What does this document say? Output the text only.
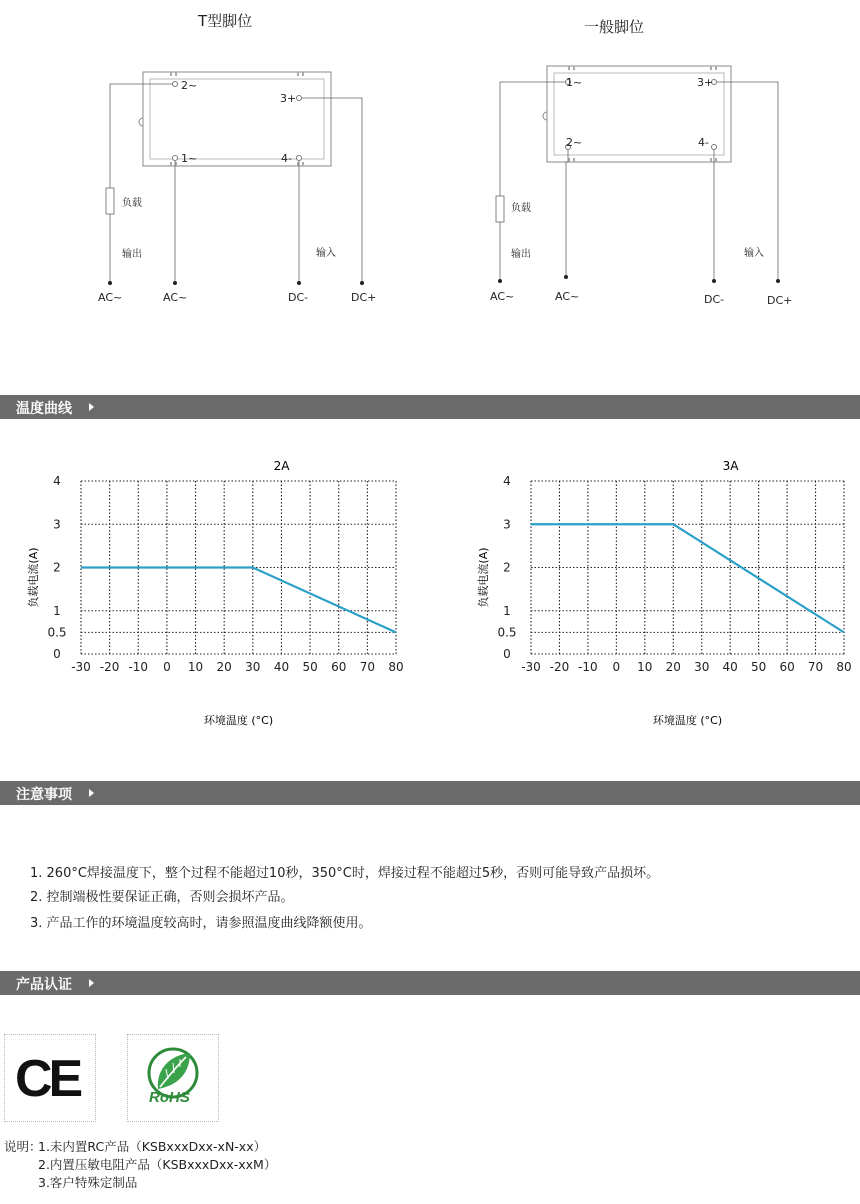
T型脚位
2~
1~
3+
4-
负载
输出	输入
AC~	AC~	DC-	DC+
一般脚位
1~
2~
3+
4-
负载
输出	输入
AC~	AC~	DC-	DC+
温度曲线
2A
-30 -20 -10 0 10 20 30 40 50 60 70 80
0
0.5
1
2
3
4
环境温度 (°C)
负载电流(A)
3A
-30 -20 -10 0 10 20 30 40 50 60 70 80
0
0.5
1
2
3
4
环境温度 (°C)
负载电流(A)
注意事项
1. 260°C焊接温度下，整个过程不能超过10秒，350°C时，焊接过程不能超过5秒，否则可能导致产品损坏。
2. 控制端极性要保证正确，否则会损坏产品。
3. 产品工作的环境温度较高时，请参照温度曲线降额使用。
产品认证
CE	RoHS
说明：
1.未内置RC产品（KSBxxxDxx-xN-xx）
2.内置压敏电阻产品（KSBxxxDxx-xxM）
3.客户特殊定制品
